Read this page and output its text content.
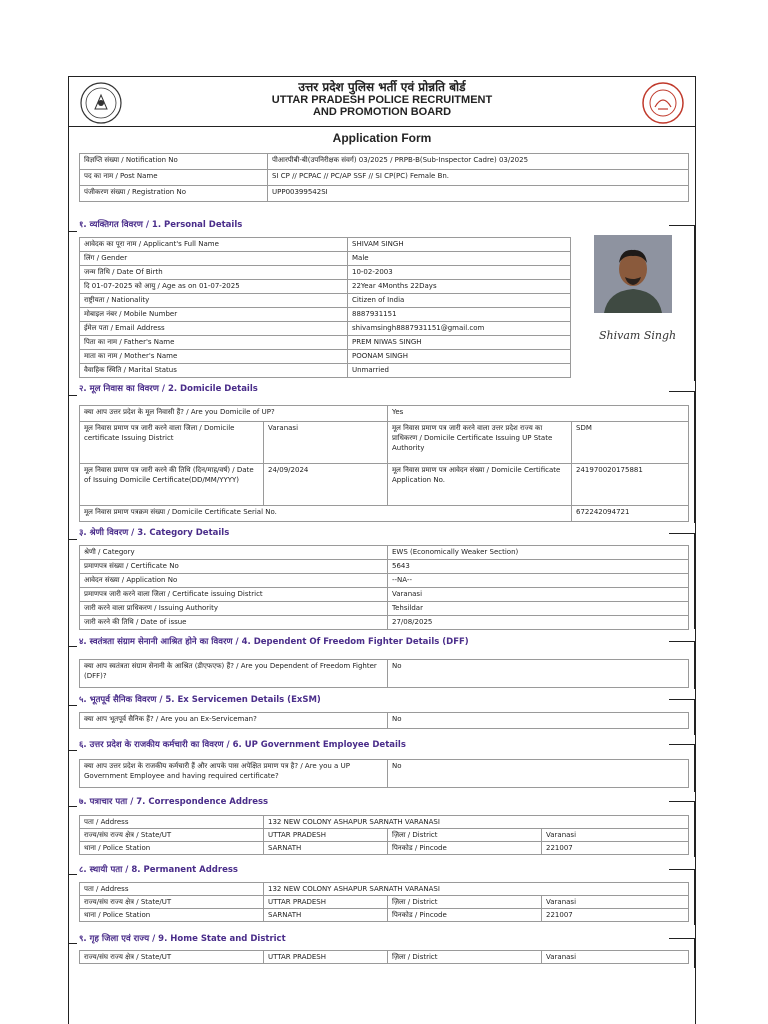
उत्तर प्रदेश पुलिस भर्ती एवं प्रोन्नति बोर्ड
UTTAR PRADESH POLICE RECRUITMENT
AND PROMOTION BOARD
Application Form
विज्ञप्ति संख्या / Notification No	पीआरपीबी-बी(उपनिरीक्षक संवर्ग) 03/2025 / PRPB-B(Sub-Inspector Cadre) 03/2025
पद का नाम / Post Name	SI CP // PCPAC // PC/AP SSF // SI CP(PC) Female Bn.
पंजीकरण संख्या / Registration No	UPP00399542SI
१. व्यक्तिगत विवरण / 1. Personal Details
आवेदक का पूरा नाम / Applicant's Full Name	SHIVAM SINGH
लिंग / Gender	Male
जन्म तिथि / Date Of Birth	10-02-2003
दि 01-07-2025 को आयु / Age as on 01-07-2025	22Year 4Months 22Days
राष्ट्रीयता / Nationality	Citizen of India
मोबाइल नंबर / Mobile Number	8887931151
ईमेल पता / Email Address	shivamsingh8887931151@gmail.com
पिता का नाम / Father's Name	PREM NIWAS SINGH
माता का नाम / Mother's Name	POONAM SINGH
वैवाहिक स्थिति / Marital Status	Unmarried
Shivam Singh
२. मूल निवास का विवरण / 2. Domicile Details
क्या आप उत्तर प्रदेश के मूल निवासी हैं? / Are you Domicile of UP?		Yes	
मूल निवास प्रमाण पत्र जारी करने वाला जिला / Domicile certificate Issuing District	Varanasi	मूल निवास प्रमाण पत्र जारी करने वाला उत्तर प्रदेश राज्य का प्राधिकरण / Domicile Certificate Issuing UP State Authority	SDM
मूल निवास प्रमाण पत्र जारी करने की तिथि (दिन/माह/वर्ष) / Date of Issuing Domicile Certificate(DD/MM/YYYY)	24/09/2024	मूल निवास प्रमाण पत्र आवेदन संख्या / Domicile Certificate Application No.	241970020175881
मूल निवास प्रमाण पत्रक्रम संख्या / Domicile Certificate Serial No.			672242094721
३. श्रेणी विवरण / 3. Category Details
श्रेणी / Category	EWS (Economically Weaker Section)
प्रमाणपत्र संख्या / Certificate No	5643
आवेदन संख्या / Application No	--NA--
प्रमाणपत्र जारी करने वाला जिला / Certificate issuing District	Varanasi
जारी करने वाला प्राधिकरण / Issuing Authority	Tehsildar
जारी करने की तिथि / Date of issue	27/08/2025
४. स्वतंत्रता संग्राम सेनानी आश्रित होने का विवरण / 4. Dependent Of Freedom Fighter Details (DFF)
क्या आप स्वतंत्रता संग्राम सेनानी के आश्रित (डीएफएफ) हैं? / Are you Dependent of Freedom Fighter (DFF)?	No
५. भूतपूर्व सैनिक विवरण / 5. Ex Servicemen Details (ExSM)
क्या आप भूतपूर्व सैनिक हैं? / Are you an Ex-Serviceman?	No
६. उत्तर प्रदेश के राजकीय कर्मचारी का विवरण / 6. UP Government Employee Details
क्या आप उत्तर प्रदेश के राजकीय कर्मचारी हैं और आपके पास अपेक्षित प्रमाण पत्र है? / Are you a UP Government Employee and having required certificate?	No
७. पत्राचार पता / 7. Correspondence Address
पता / Address	132 NEW COLONY ASHAPUR SARNATH VARANASI		
राज्य/संघ राज्य क्षेत्र / State/UT	UTTAR PRADESH	ज़िला / District	Varanasi
थाना / Police Station	SARNATH	पिनकोड / Pincode	221007
८. स्थायी पता / 8. Permanent Address
पता / Address	132 NEW COLONY ASHAPUR SARNATH VARANASI		
राज्य/संघ राज्य क्षेत्र / State/UT	UTTAR PRADESH	ज़िला / District	Varanasi
थाना / Police Station	SARNATH	पिनकोड / Pincode	221007
९. गृह जिला एवं राज्य / 9. Home State and District
राज्य/संघ राज्य क्षेत्र / State/UT	UTTAR PRADESH	ज़िला / District	Varanasi
